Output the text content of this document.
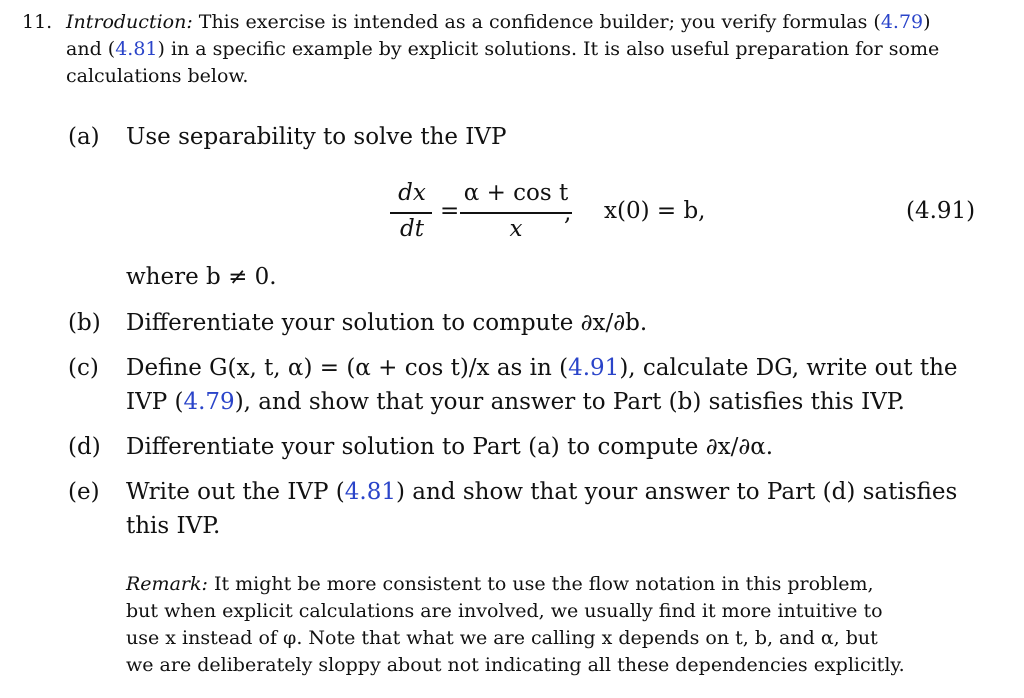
11. Introduction: This exercise is intended as a confidence builder; you verify formulas (4.79)
and (4.81) in a specific example by explicit solutions. It is also useful preparation for some
calculations below.
(a) Use separability to solve the IVP
dx
dt
=
α + cos t
x
, x(0) = b,	(4.91)
where b ≠ 0.
(b) Differentiate your solution to compute ∂x/∂b.
(c) Define G(x, t, α) = (α + cos t)/x as in (4.91), calculate DG, write out the
IVP (4.79), and show that your answer to Part (b) satisfies this IVP.
(d) Differentiate your solution to Part (a) to compute ∂x/∂α.
(e) Write out the IVP (4.81) and show that your answer to Part (d) satisfies
this IVP.
Remark: It might be more consistent to use the flow notation in this problem,
but when explicit calculations are involved, we usually find it more intuitive to
use x instead of φ. Note that what we are calling x depends on t, b, and α, but
we are deliberately sloppy about not indicating all these dependencies explicitly.
